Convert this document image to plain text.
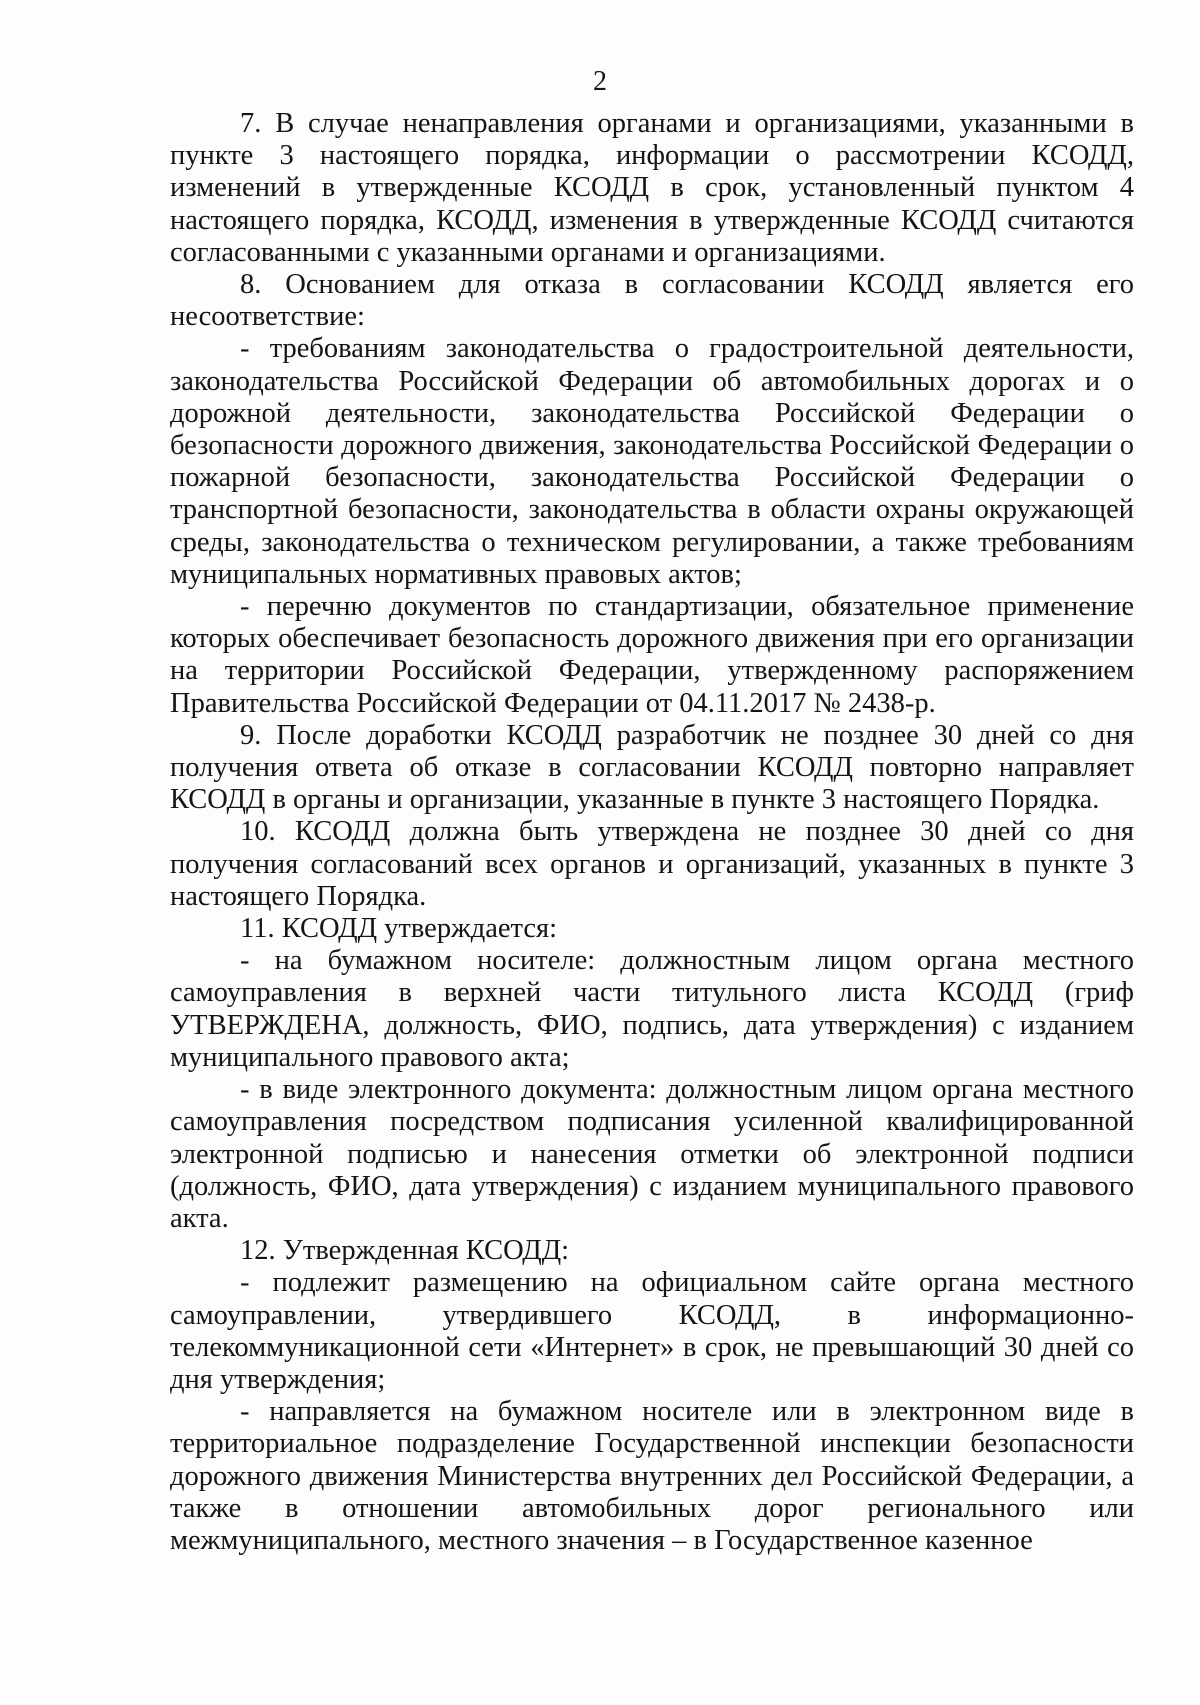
2

7. В случае ненаправления органами и организациями, указанными в пункте 3 настоящего порядка, информации о рассмотрении КСОДД, изменений в утвержденные КСОДД в срок, установленный пунктом 4 настоящего порядка, КСОДД, изменения в утвержденные КСОДД считаются согласованными с указанными органами и организациями.

8. Основанием для отказа в согласовании КСОДД является его несоответствие:

- требованиям законодательства о градостроительной деятельности, законодательства Российской Федерации об автомобильных дорогах и о дорожной деятельности, законодательства Российской Федерации о безопасности дорожного движения, законодательства Российской Федерации о пожарной безопасности, законодательства Российской Федерации о транспортной безопасности, законодательства в области охраны окружающей среды, законодательства о техническом регулировании, а также требованиям муниципальных нормативных правовых актов;

- перечню документов по стандартизации, обязательное применение которых обеспечивает безопасность дорожного движения при его организации на территории Российской Федерации, утвержденному распоряжением Правительства Российской Федерации от 04.11.2017 № 2438-р.

9. После доработки КСОДД разработчик не позднее 30 дней со дня получения ответа об отказе в согласовании КСОДД повторно направляет КСОДД в органы и организации, указанные в пункте 3 настоящего Порядка.

10. КСОДД должна быть утверждена не позднее 30 дней со дня получения согласований всех органов и организаций, указанных в пункте 3 настоящего Порядка.

11. КСОДД утверждается:

- на бумажном носителе: должностным лицом органа местного самоуправления в верхней части титульного листа КСОДД (гриф УТВЕРЖДЕНА, должность, ФИО, подпись, дата утверждения) с изданием муниципального правового акта;

- в виде электронного документа: должностным лицом органа местного самоуправления посредством подписания усиленной квалифицированной электронной подписью и нанесения отметки об электронной подписи (должность, ФИО, дата утверждения) с изданием муниципального правового акта.

12. Утвержденная КСОДД:

- подлежит размещению на официальном сайте органа местного самоуправлении, утвердившего КСОДД, в информационно-телекоммуникационной сети «Интернет» в срок, не превышающий 30 дней со дня утверждения;

- направляется на бумажном носителе или в электронном виде в территориальное подразделение Государственной инспекции безопасности дорожного движения Министерства внутренних дел Российской Федерации, а также в отношении автомобильных дорог регионального или межмуниципального, местного значения – в Государственное казенное
